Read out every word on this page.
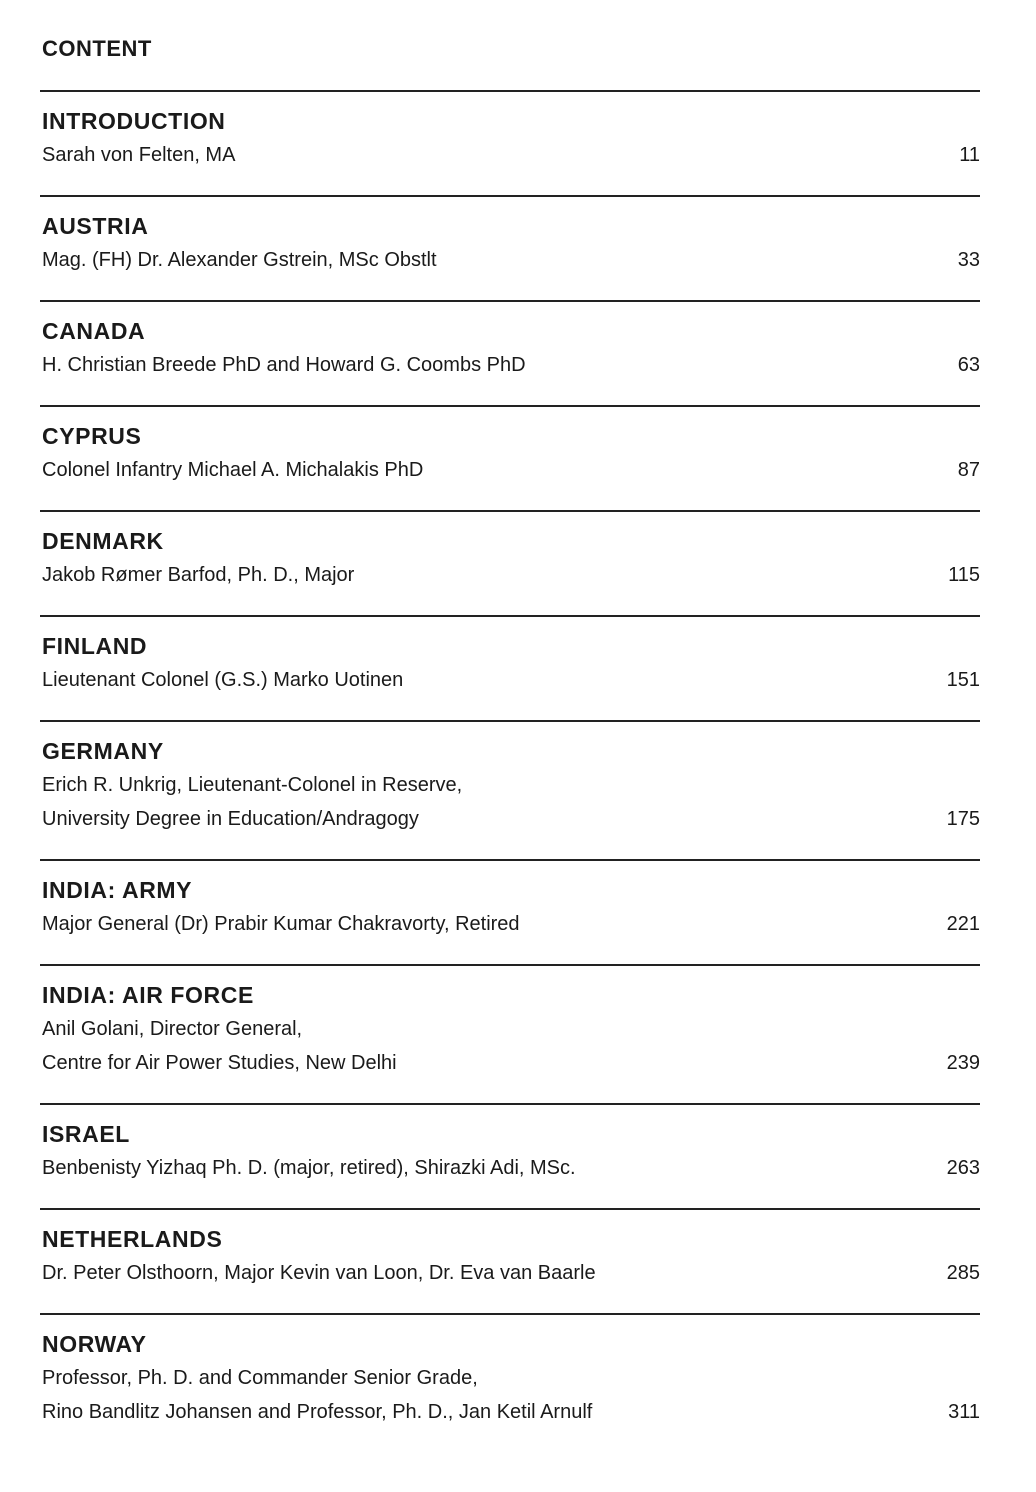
CONTENT
INTRODUCTION

Sarah von Felten, MA	11

AUSTRIA

Mag. (FH) Dr. Alexander Gstrein, MSc Obstlt	33

CANADA

H. Christian Breede PhD and Howard G. Coombs PhD	63

CYPRUS

Colonel Infantry Michael A. Michalakis PhD	87

DENMARK

Jakob Rømer Barfod, Ph. D., Major	115

FINLAND

Lieutenant Colonel (G.S.) Marko Uotinen	151

GERMANY

Erich R. Unkrig, Lieutenant-Colonel in Reserve,

University Degree in Education/Andragogy	175

INDIA: ARMY

Major General (Dr) Prabir Kumar Chakravorty, Retired	221

INDIA: AIR FORCE

Anil Golani, Director General,

Centre for Air Power Studies, New Delhi	239

ISRAEL

Benbenisty Yizhaq Ph. D. (major, retired), Shirazki Adi, MSc.	263

NETHERLANDS

Dr. Peter Olsthoorn, Major Kevin van Loon, Dr. Eva van Baarle	285

NORWAY

Professor, Ph. D. and Commander Senior Grade,

Rino Bandlitz Johansen and Professor, Ph. D., Jan Ketil Arnulf	311
